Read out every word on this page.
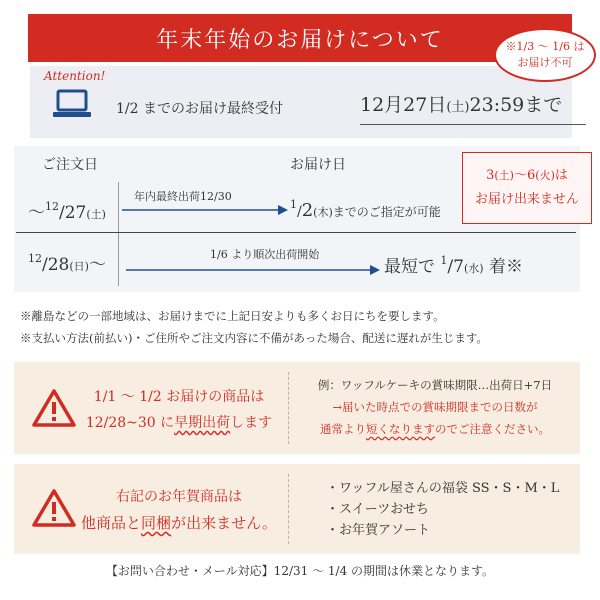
年末年始のお届けについて
Attention!
1/2 までのお届け最終受付	12月27日(土)23:59まで
※1/3 ～ 1/6 は
お届け不可
ご注文日	お届け日
～$^{12}$/27(土)
年内最終出荷12/30
$^1$/2(木)までのご指定が可能
3(土)～6(火)は
お届け出来ません
$^{12}$/28(日)～
1/6 より順次出荷開始
最短で $^1$/7(水) 着※
※離島などの一部地域は、お届けまでに上記日安よりも多くお日にちを要します。
※支払い方法(前払い)・ご住所やご注文内容に不備があった場合、配送に遅れが生じます。
1/1 ～ 1/2 お届けの商品は
12/28~30 に早期出荷します
例：ワッフルケーキの賞味期限…出荷日+7日
→届いた時点での賞味期限までの日数が
通常より短くなりますのでご注意ください。
右記のお年賀商品は
他商品と同梱が出来ません。
・ワッフル屋さんの福袋 SS・S・M・L
・スイーツおせち
・お年賀アソート
【お問い合わせ・メール対応】12/31 ～ 1/4 の期間は休業となります。
